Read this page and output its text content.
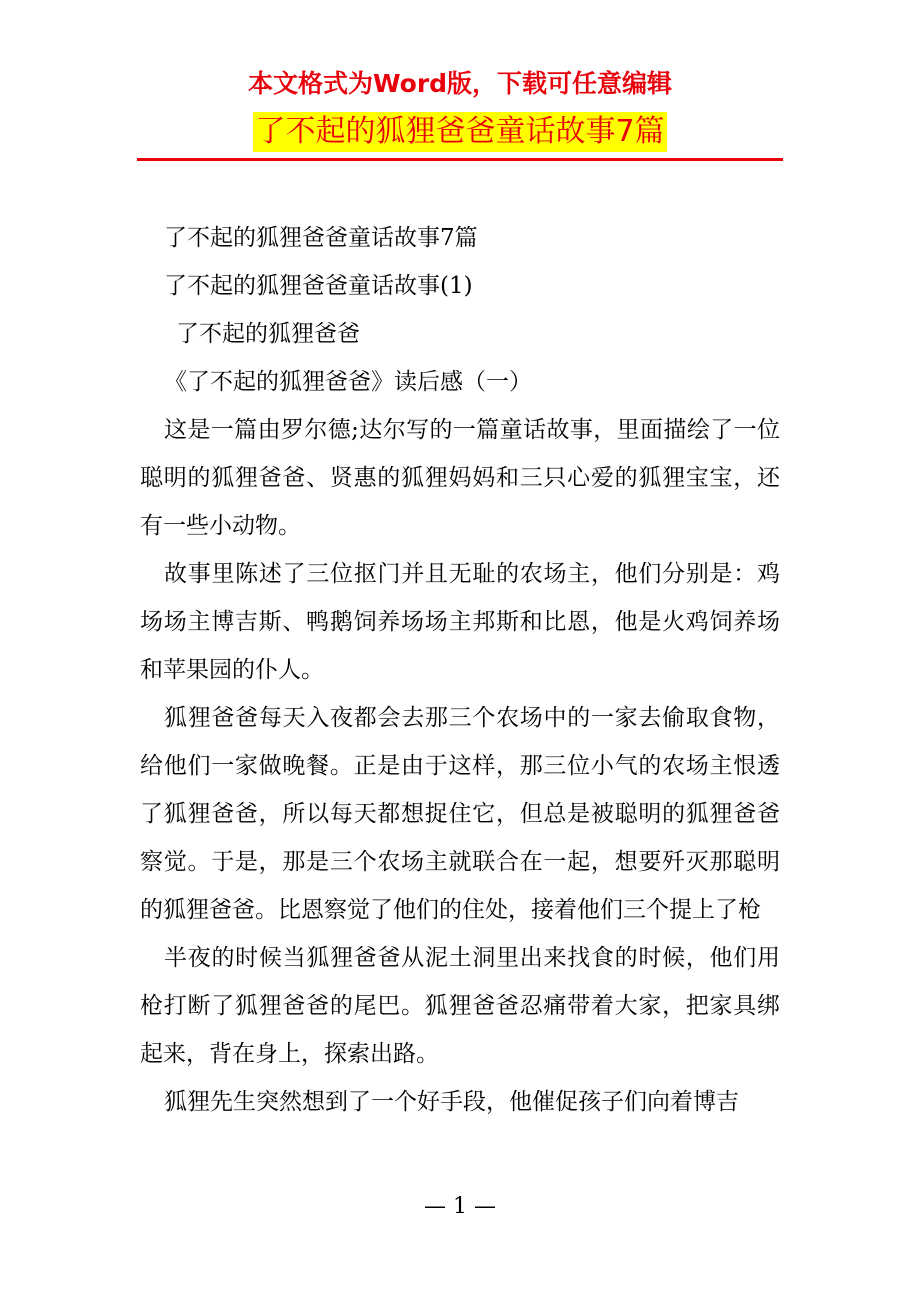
本文格式为Word版，下载可任意编辑
了不起的狐狸爸爸童话故事7篇

了不起的狐狸爸爸童话故事7篇

了不起的狐狸爸爸童话故事(1)

了不起的狐狸爸爸

《了不起的狐狸爸爸》读后感（一）

这是一篇由罗尔德;达尔写的一篇童话故事，里面描绘了一位聪明的狐狸爸爸、贤惠的狐狸妈妈和三只心爱的狐狸宝宝，还有一些小动物。

故事里陈述了三位抠门并且无耻的农场主，他们分别是：鸡场场主博吉斯、鸭鹅饲养场场主邦斯和比恩，他是火鸡饲养场和苹果园的仆人。

狐狸爸爸每天入夜都会去那三个农场中的一家去偷取食物，给他们一家做晚餐。正是由于这样，那三位小气的农场主恨透了狐狸爸爸，所以每天都想捉住它，但总是被聪明的狐狸爸爸察觉。于是，那是三个农场主就联合在一起，想要歼灭那聪明的狐狸爸爸。比恩察觉了他们的住处，接着他们三个提上了枪

半夜的时候当狐狸爸爸从泥土洞里出来找食的时候，他们用枪打断了狐狸爸爸的尾巴。狐狸爸爸忍痛带着大家，把家具绑起来，背在身上，探索出路。

狐狸先生突然想到了一个好手段，他催促孩子们向着博吉

— 1 —
